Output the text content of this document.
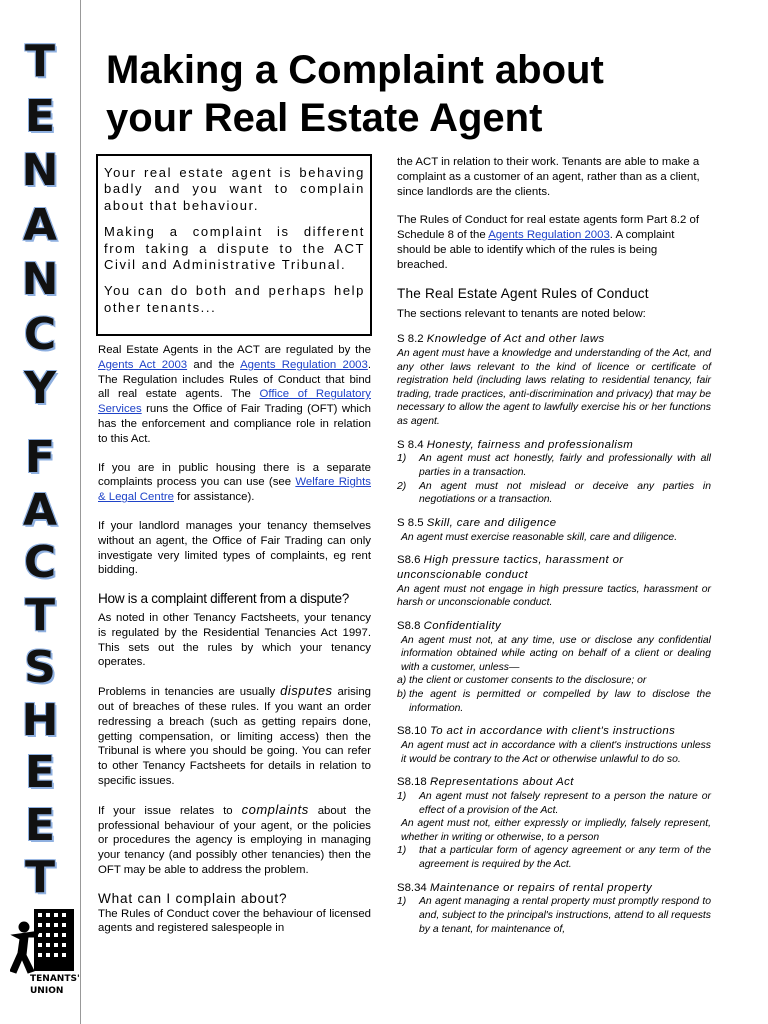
T
E
N
A
N
C
Y
F
A
C
T
S
H
E
E
T
TENANTS'
UNION
Making a Complaint about
your Real Estate Agent

Your real estate agent is behaving badly and you want to complain about that behaviour.

Making a complaint is different from taking a dispute to the ACT Civil and Administrative Tribunal.

You can do both and perhaps help other tenants...

Real Estate Agents in the ACT are regulated by the Agents Act 2003 and the Agents Regulation 2003. The Regulation includes Rules of Conduct that bind all real estate agents. The Office of Regulatory Services runs the Office of Fair Trading (OFT) which has the enforcement and compliance role in relation to this Act.

If you are in public housing there is a separate complaints process you can use (see Welfare Rights & Legal Centre for assistance).

If your landlord manages your tenancy themselves without an agent, the Office of Fair Trading can only investigate very limited types of complaints, eg rent bidding.

How is a complaint different from a dispute?

As noted in other Tenancy Factsheets, your tenancy is regulated by the Residential Tenancies Act 1997. This sets out the rules by which your tenancy operates.

Problems in tenancies are usually disputes arising out of breaches of these rules. If you want an order redressing a breach (such as getting repairs done, getting compensation, or limiting access) then the Tribunal is where you should be going. You can refer to other Tenancy Factsheets for details in relation to specific issues.

If your issue relates to complaints about the professional behaviour of your agent, or the policies or procedures the agency is employing in managing your tenancy (and possibly other tenancies) then the OFT may be able to address the problem.

What can I complain about?

The Rules of Conduct cover the behaviour of licensed agents and registered salespeople in

the ACT in relation to their work. Tenants are able to make a complaint as a customer of an agent, rather than as a client, since landlords are the clients.

The Rules of Conduct for real estate agents form Part 8.2 of Schedule 8 of the Agents Regulation 2003. A complaint should be able to identify which of the rules is being breached.

The Real Estate Agent Rules of Conduct

The sections relevant to tenants are noted below:

S 8.2 Knowledge of Act and other laws
An agent must have a knowledge and understanding of the Act, and any other laws relevant to the kind of licence or certificate of registration held (including laws relating to residential tenancy, fair trading, trade practices, anti-discrimination and privacy) that may be necessary to allow the agent to lawfully exercise his or her functions as agent.
S 8.4 Honesty, fairness and professionalism
1)	An agent must act honestly, fairly and professionally with all parties in a transaction.
2)	An agent must not mislead or deceive any parties in negotiations or a transaction.
S 8.5 Skill, care and diligence
An agent must exercise reasonable skill, care and diligence.
S8.6 High pressure tactics, harassment or unconscionable conduct
An agent must not engage in high pressure tactics, harassment or harsh or unconscionable conduct.
S8.8 Confidentiality
An agent must not, at any time, use or disclose any confidential information obtained while acting on behalf of a client or dealing with a customer, unless—
a) the client or customer consents to the disclosure; or
b) the agent is permitted or compelled by law to disclose the information.
S8.10 To act in accordance with client's instructions
An agent must act in accordance with a client's instructions unless it would be contrary to the Act or otherwise unlawful to do so.
S8.18 Representations about Act
1)	An agent must not falsely represent to a person the nature or effect of a provision of the Act.
An agent must not, either expressly or impliedly, falsely represent, whether in writing or otherwise, to a person
1)	that a particular form of agency agreement or any term of the agreement is required by the Act.
S8.34 Maintenance or repairs of rental property
1)	An agent managing a rental property must promptly respond to and, subject to the principal's instructions, attend to all requests by a tenant, for maintenance of,
